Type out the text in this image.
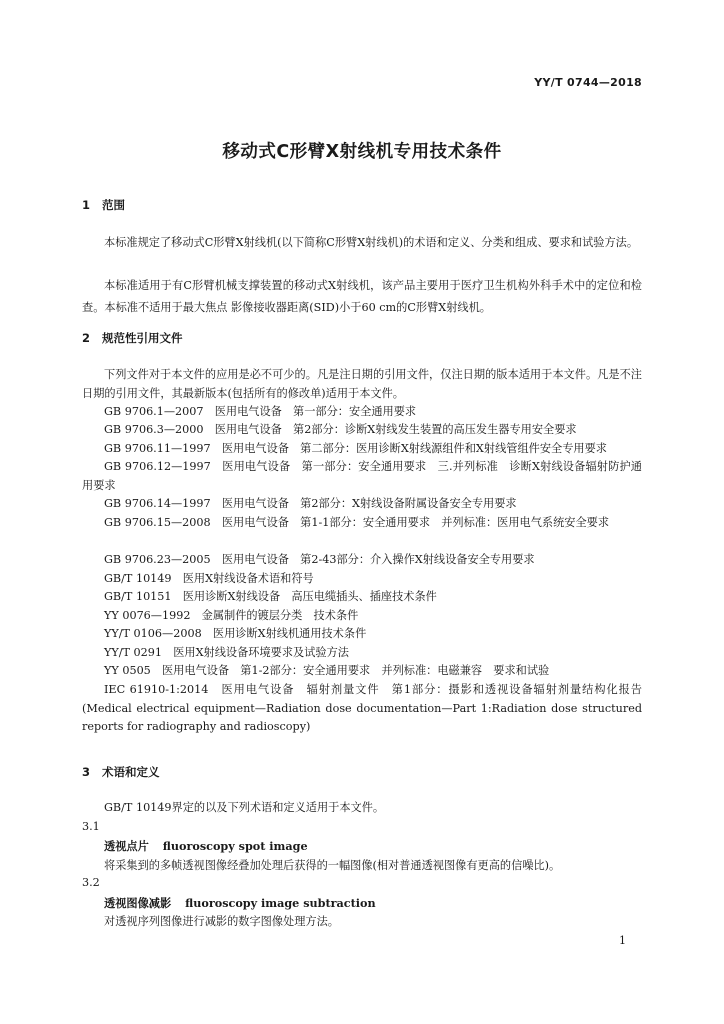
YY/T 0744—2018
移动式C形臂X射线机专用技术条件
1 范围
本标准规定了移动式C形臂X射线机(以下简称C形臂X射线机)的术语和定义、分类和组成、要求和试验方法。
本标准适用于有C形臂机械支撑装置的移动式X射线机，该产品主要用于医疗卫生机构外科手术中的定位和检查。本标准不适用于最大焦点 影像接收器距离(SID)小于60 cm的C形臂X射线机。
2 规范性引用文件
下列文件对于本文件的应用是必不可少的。凡是注日期的引用文件，仅注日期的版本适用于本文件。凡是不注日期的引用文件，其最新版本(包括所有的修改单)适用于本文件。
GB 9706.1—2007　医用电气设备　第一部分：安全通用要求
GB 9706.3—2000　医用电气设备　第2部分：诊断X射线发生装置的高压发生器专用安全要求
GB 9706.11—1997　医用电气设备　第二部分：医用诊断X射线源组件和X射线管组件安全专用要求
GB 9706.12—1997　医用电气设备　第一部分：安全通用要求　三.并列标准　诊断X射线设备辐射防护通用要求
GB 9706.14—1997　医用电气设备　第2部分：X射线设备附属设备安全专用要求
GB 9706.15—2008　医用电气设备　第1-1部分：安全通用要求　并列标准：医用电气系统安全要求
GB 9706.23—2005　医用电气设备　第2-43部分：介入操作X射线设备安全专用要求
GB/T 10149　医用X射线设备术语和符号
GB/T 10151　医用诊断X射线设备　高压电缆插头、插座技术条件
YY 0076—1992　金属制件的镀层分类　技术条件
YY/T 0106—2008　医用诊断X射线机通用技术条件
YY/T 0291　医用X射线设备环境要求及试验方法
YY 0505　医用电气设备　第1-2部分：安全通用要求　并列标准：电磁兼容　要求和试验
IEC 61910-1:2014　医用电气设备　辐射剂量文件　第1部分：摄影和透视设备辐射剂量结构化报告(Medical electrical equipment—Radiation dose documentation—Part 1:Radiation dose structured reports for radiography and radioscopy)
3 术语和定义
GB/T 10149界定的以及下列术语和定义适用于本文件。
3.1
透视点片 fluoroscopy spot image
将采集到的多帧透视图像经叠加处理后获得的一幅图像(相对普通透视图像有更高的信噪比)。
3.2
透视图像减影 fluoroscopy image subtraction
对透视序列图像进行减影的数字图像处理方法。
1
